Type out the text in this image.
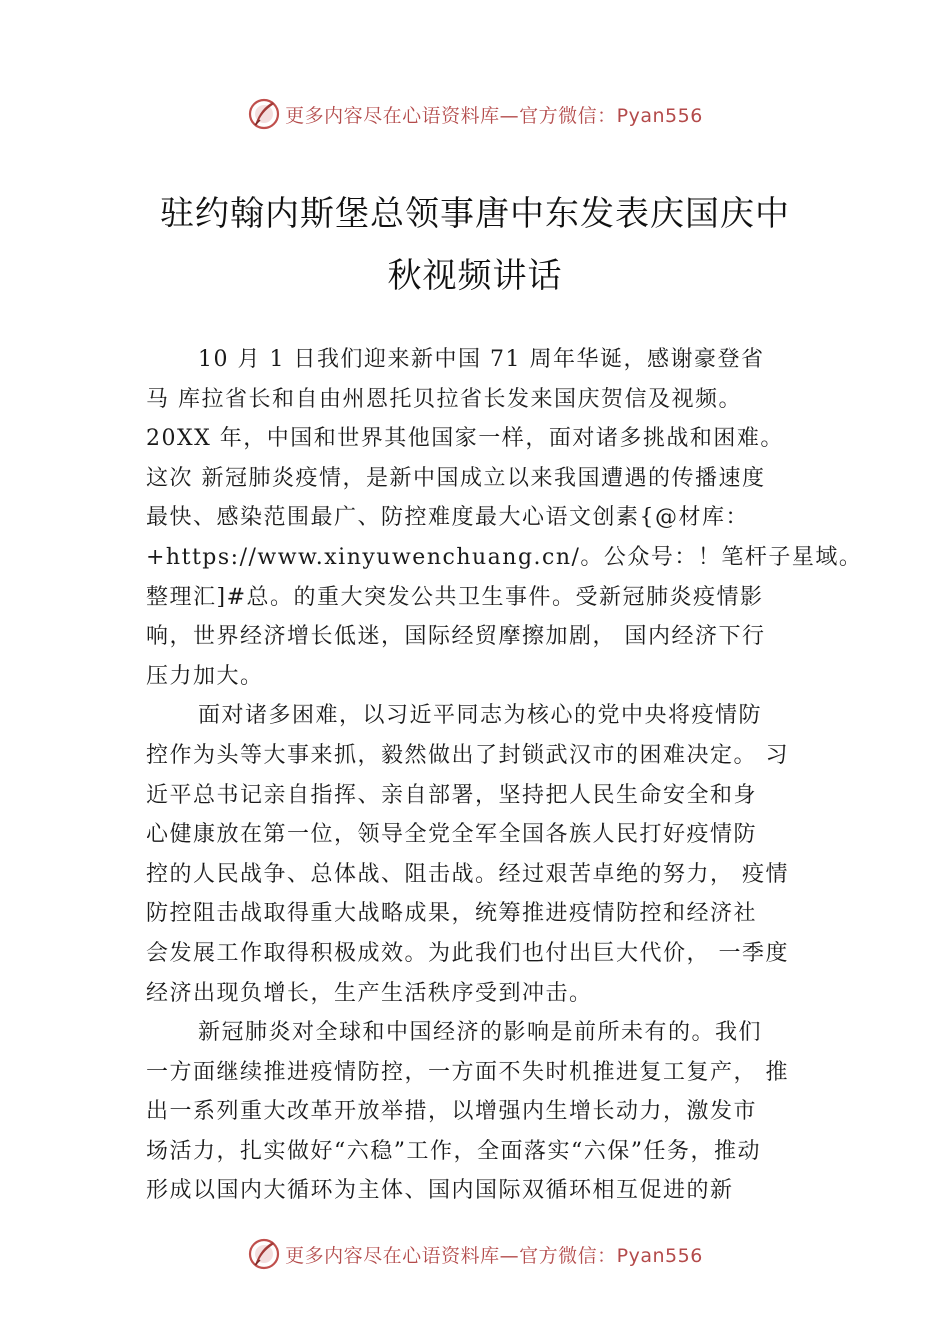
更多内容尽在心语资料库—官方微信：Pyan556
驻约翰内斯堡总领事唐中东发表庆国庆中
秋视频讲话
10 月 1 日我们迎来新中国 71 周年华诞，感谢豪登省
马 库拉省长和自由州恩托贝拉省长发来国庆贺信及视频。
20XX 年，中国和世界其他国家一样，面对诸多挑战和困难。
这次 新冠肺炎疫情，是新中国成立以来我国遭遇的传播速度
最快、感染范围最广、防控难度最大心语文创素{@材库：
+https://www.xinyuwenchuang.cn/。公众号：！笔杆子星域。
整理汇]#总。的重大突发公共卫生事件。受新冠肺炎疫情影
响，世界经济增长低迷，国际经贸摩擦加剧， 国内经济下行
压力加大。
面对诸多困难，以习近平同志为核心的党中央将疫情防
控作为头等大事来抓，毅然做出了封锁武汉市的困难决定。 习
近平总书记亲自指挥、亲自部署，坚持把人民生命安全和身
心健康放在第一位，领导全党全军全国各族人民打好疫情防
控的人民战争、总体战、阻击战。经过艰苦卓绝的努力， 疫情
防控阻击战取得重大战略成果，统筹推进疫情防控和经济社
会发展工作取得积极成效。为此我们也付出巨大代价， 一季度
经济出现负增长，生产生活秩序受到冲击。
新冠肺炎对全球和中国经济的影响是前所未有的。我们
一方面继续推进疫情防控，一方面不失时机推进复工复产， 推
出一系列重大改革开放举措，以增强内生增长动力，激发市
场活力，扎实做好“六稳”工作，全面落实“六保”任务，推动
形成以国内大循环为主体、国内国际双循环相互促进的新
更多内容尽在心语资料库—官方微信：Pyan556
